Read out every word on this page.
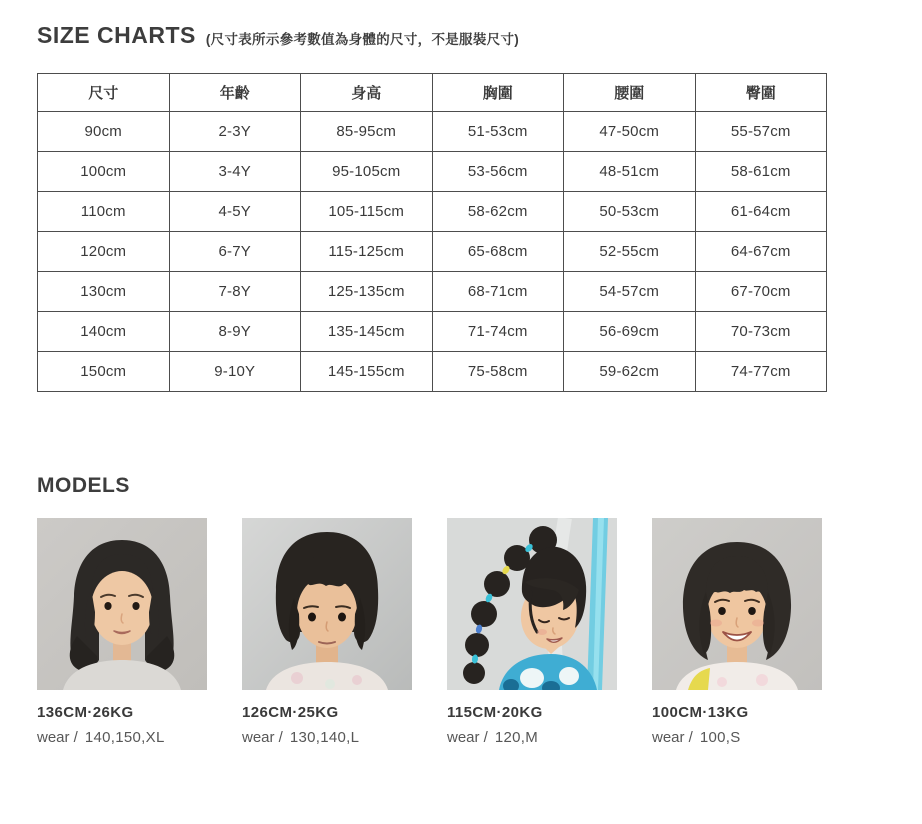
SIZE CHARTS (尺寸表所示參考數值為身體的尺寸，不是服裝尺寸)
尺寸	年齡	身高	胸圍	腰圍	臀圍
90cm	2-3Y	85-95cm	51-53cm	47-50cm	55-57cm
100cm	3-4Y	95-105cm	53-56cm	48-51cm	58-61cm
110cm	4-5Y	105-115cm	58-62cm	50-53cm	61-64cm
120cm	6-7Y	115-125cm	65-68cm	52-55cm	64-67cm
130cm	7-8Y	125-135cm	68-71cm	54-57cm	67-70cm
140cm	8-9Y	135-145cm	71-74cm	56-69cm	70-73cm
150cm	9-10Y	145-155cm	75-58cm	59-62cm	74-77cm
MODELS
136CM·26KG
wear / 140,150,XL
126CM·25KG
wear / 130,140,L
115CM·20KG
wear / 120,M
100CM·13KG
wear / 100,S
